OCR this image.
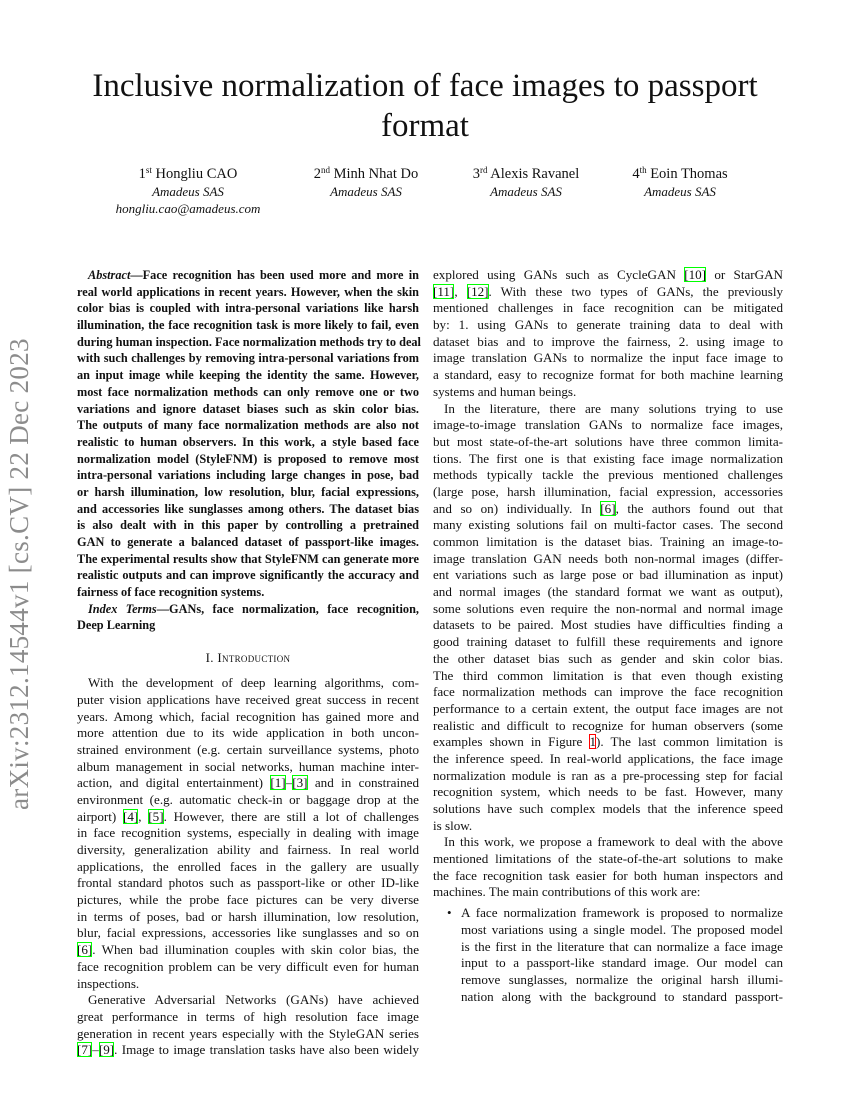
Inclusive normalization of face images to passport
format
1st Hongliu CAO
Amadeus SAS
hongliu.cao@amadeus.com
2nd Minh Nhat Do
Amadeus SAS
3rd Alexis Ravanel
Amadeus SAS
4th Eoin Thomas
Amadeus SAS
arXiv:2312.14544v1 [cs.CV] 22 Dec 2023
Abstract—Face recognition has been used more and more in
real world applications in recent years. However, when the skin
color bias is coupled with intra-personal variations like harsh
illumination, the face recognition task is more likely to fail, even
during human inspection. Face normalization methods try to deal
with such challenges by removing intra-personal variations from
an input image while keeping the identity the same. However,
most face normalization methods can only remove one or two
variations and ignore dataset biases such as skin color bias.
The outputs of many face normalization methods are also not
realistic to human observers. In this work, a style based face
normalization model (StyleFNM) is proposed to remove most
intra-personal variations including large changes in pose, bad
or harsh illumination, low resolution, blur, facial expressions,
and accessories like sunglasses among others. The dataset bias
is also dealt with in this paper by controlling a pretrained
GAN to generate a balanced dataset of passport-like images.
The experimental results show that StyleFNM can generate more
realistic outputs and can improve significantly the accuracy and
fairness of face recognition systems.
Index Terms—GANs, face normalization, face recognition,
Deep Learning
I. Introduction
With the development of deep learning algorithms, com-
puter vision applications have received great success in recent
years. Among which, facial recognition has gained more and
more attention due to its wide application in both uncon-
strained environment (e.g. certain surveillance systems, photo
album management in social networks, human machine inter-
action, and digital entertainment) [1]–[3] and in constrained
environment (e.g. automatic check-in or baggage drop at the
airport) [4], [5]. However, there are still a lot of challenges
in face recognition systems, especially in dealing with image
diversity, generalization ability and fairness. In real world
applications, the enrolled faces in the gallery are usually
frontal standard photos such as passport-like or other ID-like
pictures, while the probe face pictures can be very diverse
in terms of poses, bad or harsh illumination, low resolution,
blur, facial expressions, accessories like sunglasses and so on
[6]. When bad illumination couples with skin color bias, the
face recognition problem can be very difficult even for human
inspections.
Generative Adversarial Networks (GANs) have achieved
great performance in terms of high resolution face image
generation in recent years especially with the StyleGAN series
[7]–[9]. Image to image translation tasks have also been widely
explored using GANs such as CycleGAN [10] or StarGAN
[11], [12]. With these two types of GANs, the previously
mentioned challenges in face recognition can be mitigated
by: 1. using GANs to generate training data to deal with
dataset bias and to improve the fairness, 2. using image to
image translation GANs to normalize the input face image to
a standard, easy to recognize format for both machine learning
systems and human beings.
In the literature, there are many solutions trying to use
image-to-image translation GANs to normalize face images,
but most state-of-the-art solutions have three common limita-
tions. The first one is that existing face image normalization
methods typically tackle the previous mentioned challenges
(large pose, harsh illumination, facial expression, accessories
and so on) individually. In [6], the authors found out that
many existing solutions fail on multi-factor cases. The second
common limitation is the dataset bias. Training an image-to-
image translation GAN needs both non-normal images (differ-
ent variations such as large pose or bad illumination as input)
and normal images (the standard format we want as output),
some solutions even require the non-normal and normal image
datasets to be paired. Most studies have difficulties finding a
good training dataset to fulfill these requirements and ignore
the other dataset bias such as gender and skin color bias.
The third common limitation is that even though existing
face normalization methods can improve the face recognition
performance to a certain extent, the output face images are not
realistic and difficult to recognize for human observers (some
examples shown in Figure 1). The last common limitation is
the inference speed. In real-world applications, the face image
normalization module is ran as a pre-processing step for facial
recognition system, which needs to be fast. However, many
solutions have such complex models that the inference speed
is slow.
In this work, we propose a framework to deal with the above
mentioned limitations of the state-of-the-art solutions to make
the face recognition task easier for both human inspectors and
machines. The main contributions of this work are:
• A face normalization framework is proposed to normalize
most variations using a single model. The proposed model
is the first in the literature that can normalize a face image
input to a passport-like standard image. Our model can
remove sunglasses, normalize the original harsh illumi-
nation along with the background to standard passport-
